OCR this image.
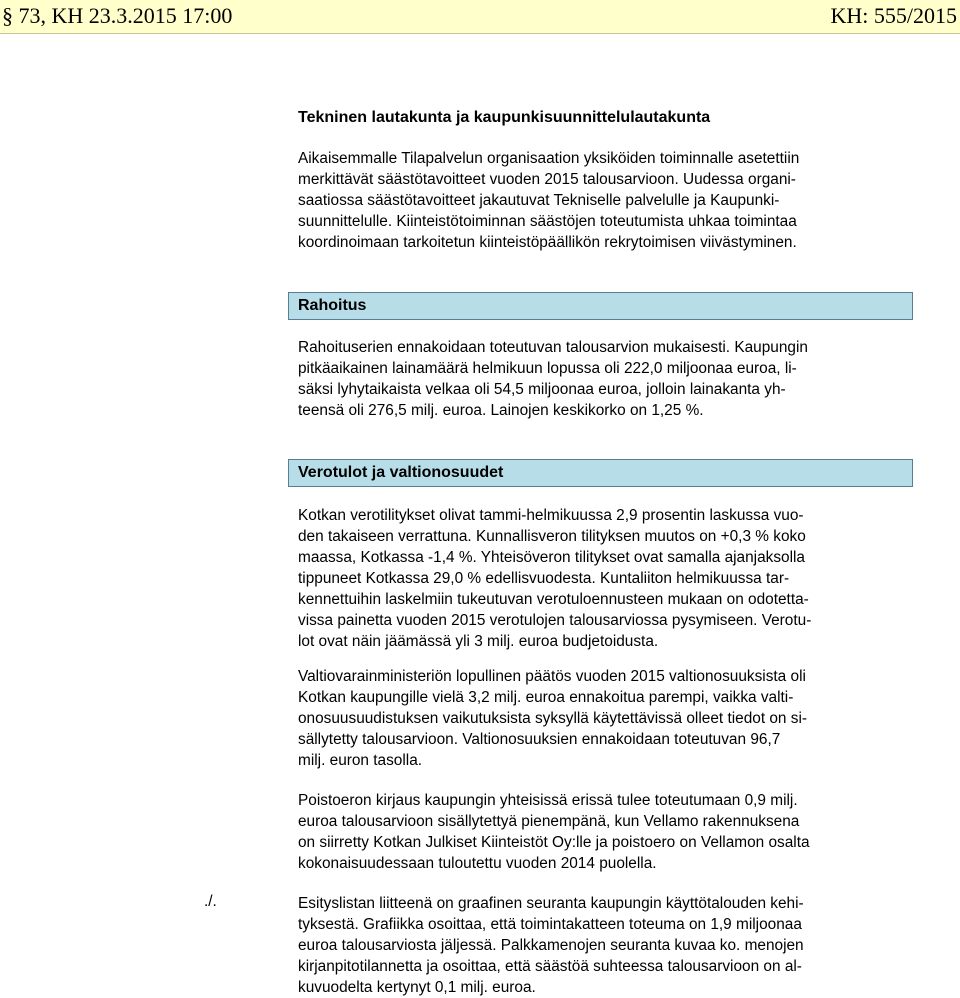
§ 73, KH 23.3.2015 17:00	KH: 555/2015
Tekninen lautakunta ja kaupunkisuunnittelulautakunta

Aikaisemmalle Tilapalvelun organisaation yksiköiden toiminnalle asetettiin
merkittävät säästötavoitteet vuoden 2015 talousarvioon. Uudessa organi-
saatiossa säästötavoitteet jakautuvat Tekniselle palvelulle ja Kaupunki-
suunnittelulle. Kiinteistötoiminnan säästöjen toteutumista uhkaa toimintaa
koordinoimaan tarkoitetun kiinteistöpäällikön rekrytoimisen viivästyminen.

Rahoitus

Rahoituserien ennakoidaan toteutuvan talousarvion mukaisesti. Kaupungin
pitkäaikainen lainamäärä helmikuun lopussa oli 222,0 miljoonaa euroa, li-
säksi lyhytaikaista velkaa oli 54,5 miljoonaa euroa, jolloin lainakanta yh-
teensä oli 276,5 milj. euroa. Lainojen keskikorko on 1,25 %.

Verotulot ja valtionosuudet

Kotkan verotilitykset olivat tammi-helmikuussa 2,9 prosentin laskussa vuo-
den takaiseen verrattuna. Kunnallisveron tilityksen muutos on +0,3 % koko
maassa, Kotkassa -1,4 %. Yhteisöveron tilitykset ovat samalla ajanjaksolla
tippuneet Kotkassa 29,0 % edellisvuodesta. Kuntaliiton helmikuussa tar-
kennettuihin laskelmiin tukeutuvan verotuloennusteen mukaan on odotetta-
vissa painetta vuoden 2015 verotulojen talousarviossa pysymiseen. Verotu-
lot ovat näin jäämässä yli 3 milj. euroa budjetoidusta.

Valtiovarainministeriön lopullinen päätös vuoden 2015 valtionosuuksista oli
Kotkan kaupungille vielä 3,2 milj. euroa ennakoitua parempi, vaikka valti-
onosuusuudistuksen vaikutuksista syksyllä käytettävissä olleet tiedot on si-
sällytetty talousarvioon. Valtionosuuksien ennakoidaan toteutuvan 96,7
milj. euron tasolla.

Poistoeron kirjaus kaupungin yhteisissä erissä tulee toteutumaan 0,9 milj.
euroa talousarvioon sisällytettyä pienempänä, kun Vellamo rakennuksena
on siirretty Kotkan Julkiset Kiinteistöt Oy:lle ja poistoero on Vellamon osalta
kokonaisuudessaan tuloutettu vuoden 2014 puolella.

./.	Esityslistan liitteenä on graafinen seuranta kaupungin käyttötalouden kehi-
tyksestä. Grafiikka osoittaa, että toimintakatteen toteuma on 1,9 miljoonaa
euroa talousarviosta jäljessä. Palkkamenojen seuranta kuvaa ko. menojen
kirjanpitotilannetta ja osoittaa, että säästöä suhteessa talousarvioon on al-
kuvuodelta kertynyt 0,1 milj. euroa.
